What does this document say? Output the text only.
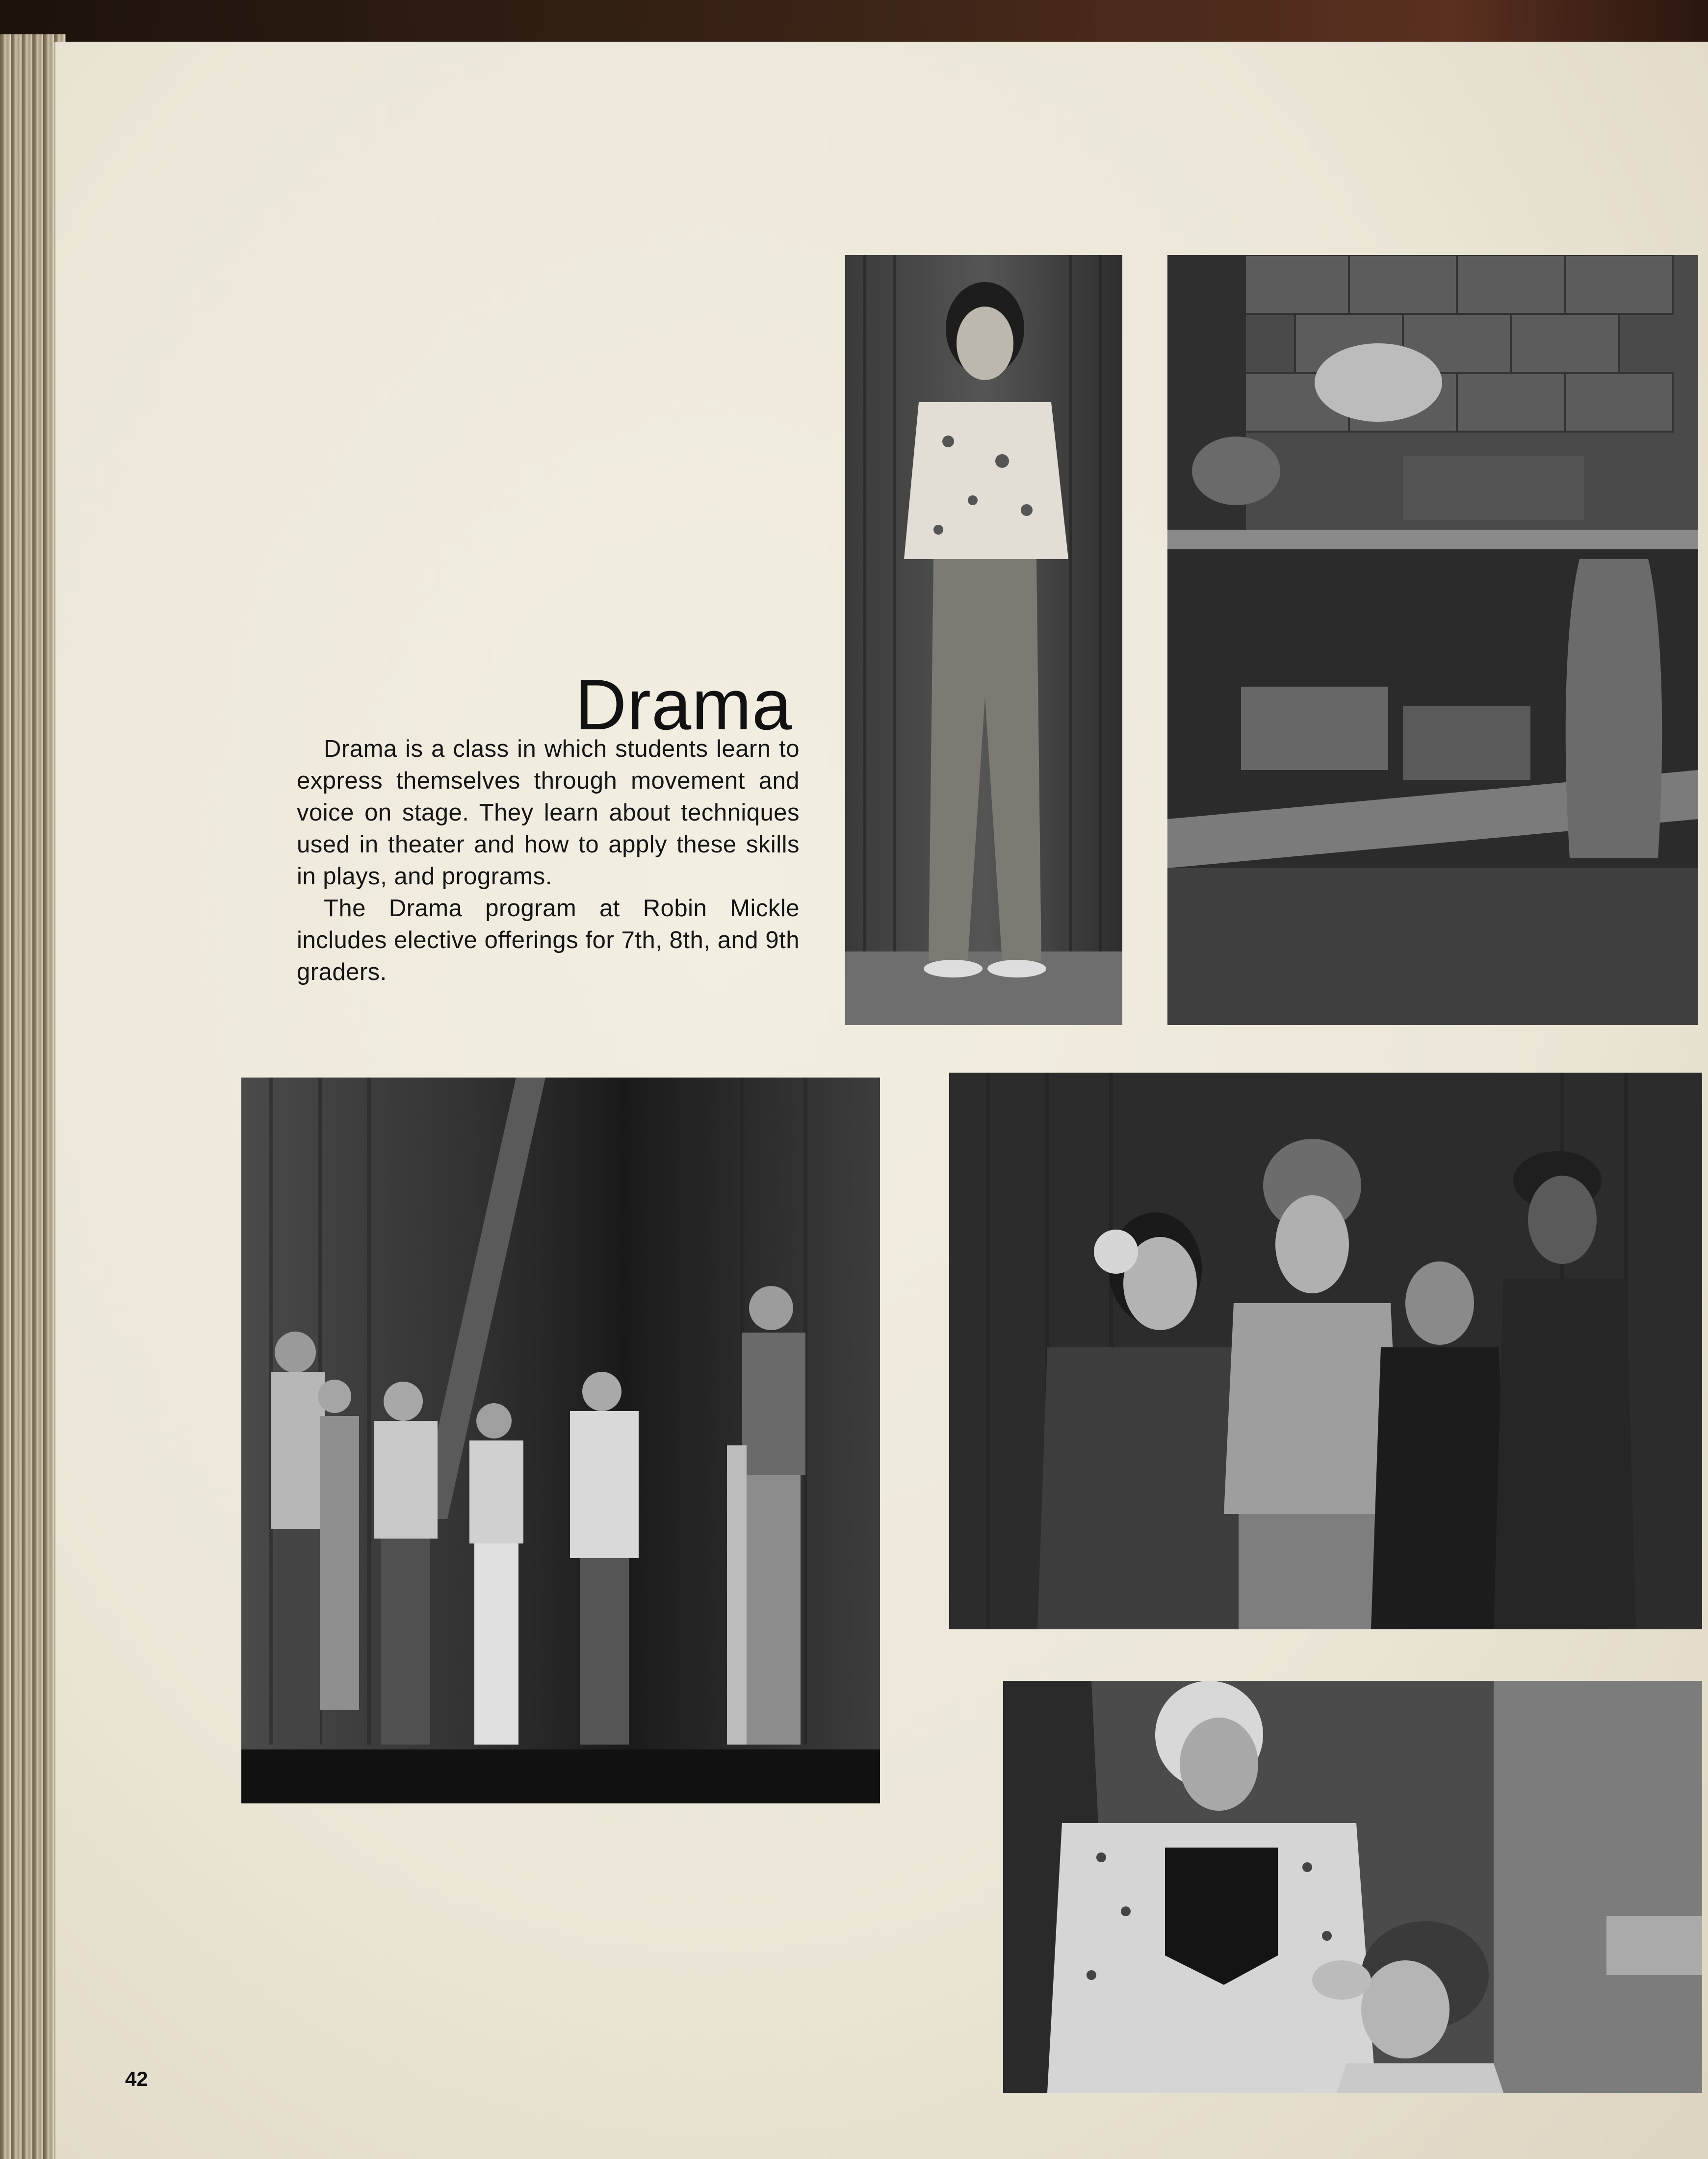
Drama

Drama is a class in which students learn to express themselves through movement and voice on stage. They learn about techniques used in theater and how to apply these skills in plays, and programs.

The Drama program at Robin Mickle includes elective offerings for 7th, 8th, and 9th graders.

42
